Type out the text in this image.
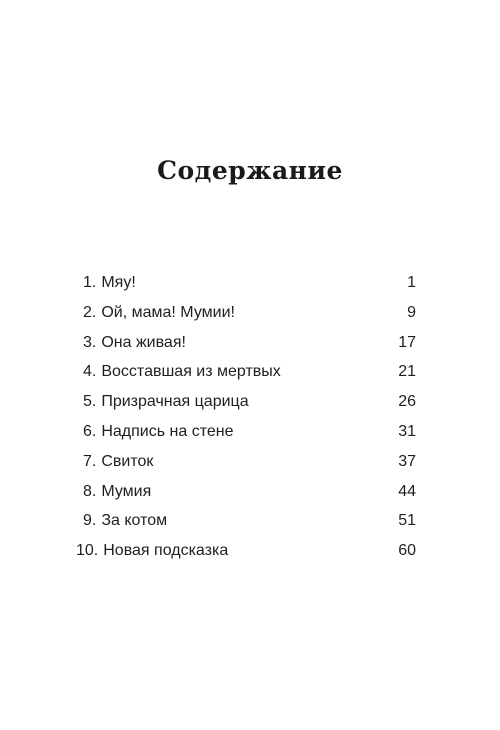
Содержание
1. Мяу!	1
2. Ой, мама! Мумии!	9
3. Она живая!	17
4. Восставшая из мертвых	21
5. Призрачная царица	26
6. Надпись на стене	31
7. Свиток	37
8. Мумия	44
9. За котом	51
10. Новая подсказка	60
